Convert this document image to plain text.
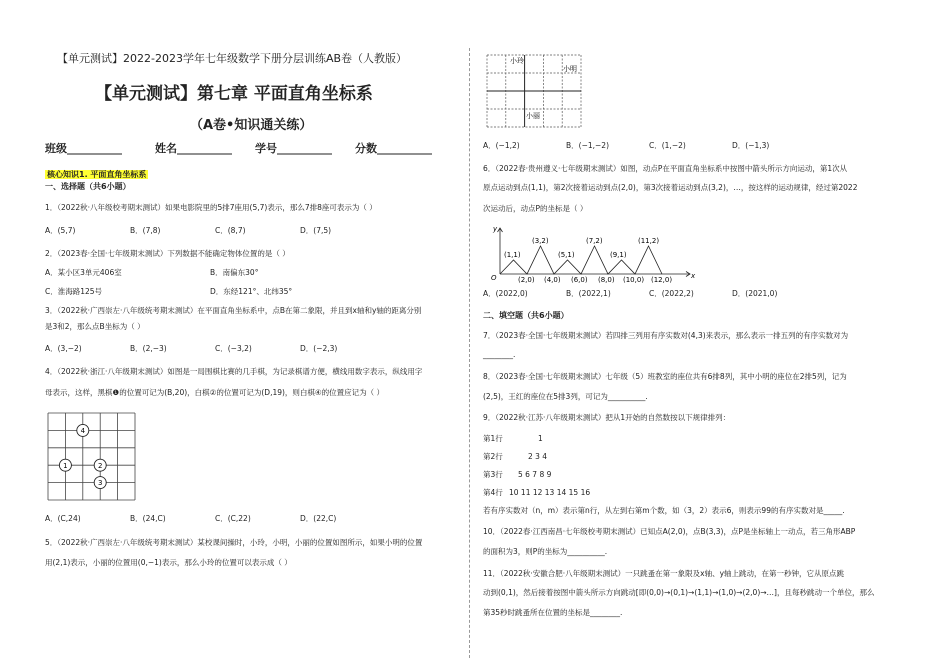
【单元测试】2022-2023学年七年级数学下册分层训练AB卷（人教版）
【单元测试】第七章 平面直角坐标系
（A卷•知识通关练）
班级__________	姓名__________ 学号__________ 分数__________
核心知识1. 平面直角坐标系
一、选择题（共6小题）
1．（2022秋·八年级校考期末测试）如果电影院里的5排7座用(5,7)表示，那么7排8座可表示为（ ）
A．(5,7)	B．(7,8)	C．(8,7)	D．(7,5)
2．（2023春·全国·七年级期末测试）下列数据不能确定物体位置的是（ ）
A．某小区3单元406室	B．南偏东30°
C．淮海路125号	D．东经121°、北纬35°
3．（2022秋·广西崇左·八年级统考期末测试）在平面直角坐标系中，点B在第二象限，并且到x轴和y轴的距离分别
是3和2，那么点B坐标为（ ）
A．(3,−2)	B．(2,−3)	C．(−3,2)	D．(−2,3)
4．（2022秋·浙江·八年级期末测试）如图是一局围棋比赛的几手棋，为记录棋谱方便，横线用数字表示，纵线用字
母表示，这样，黑棋❶的位置可记为(B,20)，白棋②的位置可记为(D,19)，则白棋④的位置应记为（ ）
4
1	2
3
A．(C,24)	B．(24,C)	C．(C,22)	D．(22,C)
5．（2022秋·广西崇左·八年级统考期末测试）某校课间操时，小玲，小明，小丽的位置如图所示，如果小明的位置
用(2,1)表示，小丽的位置用(0,−1)表示，那么小玲的位置可以表示成（ ）
小玲
小明
小丽
A．(−1,2)	B．(−1,−2)	C．(1,−2)	D．(−1,3)
6．（2022春·贵州遵义·七年级期末测试）如图，动点P在平面直角坐标系中按图中箭头所示方向运动，第1次从
原点运动到点(1,1)，第2次接着运动到点(2,0)，第3次接着运动到点(3,2)，…，按这样的运动规律，经过第2022
次运动后，动点P的坐标是（ ）
y
x
O
(1,1)
(3,2)
(5,1)
(7,2)
(9,1)
(11,2)
(2,0) (4,0) (6,0) (8,0) (10,0) (12,0)
A．(2022,0)	B．(2022,1)	C．(2022,2)	D．(2021,0)
二、填空题（共6小题）
7．（2023春·全国·七年级期末测试）若四排三列用有序实数对(4,3)来表示，那么表示一排五列的有序实数对为
________.
8．（2023春·全国·七年级期末测试）七年级（5）班教室的座位共有6排8列，其中小明的座位在2排5列，记为
(2,5)，王红的座位在5排3列，可记为__________.
9．（2022秋·江苏·八年级期末测试）把从1开始的自然数按以下规律排列：
第1行	1
第2行	2 3 4
第3行 5 6 7 8 9
第4行 10 11 12 13 14 15 16
若有序实数对（n，m）表示第n行，从左到右第m个数，如（3，2）表示6，则表示99的有序实数对是_____.
10．（2022春·江西南昌·七年级校考期末测试）已知点A(2,0)，点B(3,3)，点P是坐标轴上一动点，若三角形ABP
的面积为3，则P的坐标为__________.
11．（2022秋·安徽合肥·八年级期末测试）一只跳蚤在第一象限及x轴、y轴上跳动，在第一秒钟，它从原点跳
动到(0,1)，然后接着按图中箭头所示方向跳动[即(0,0)→(0,1)→(1,1)→(1,0)→(2,0)→…]，且每秒跳动一个单位，那么
第35秒时跳蚤所在位置的坐标是________.
